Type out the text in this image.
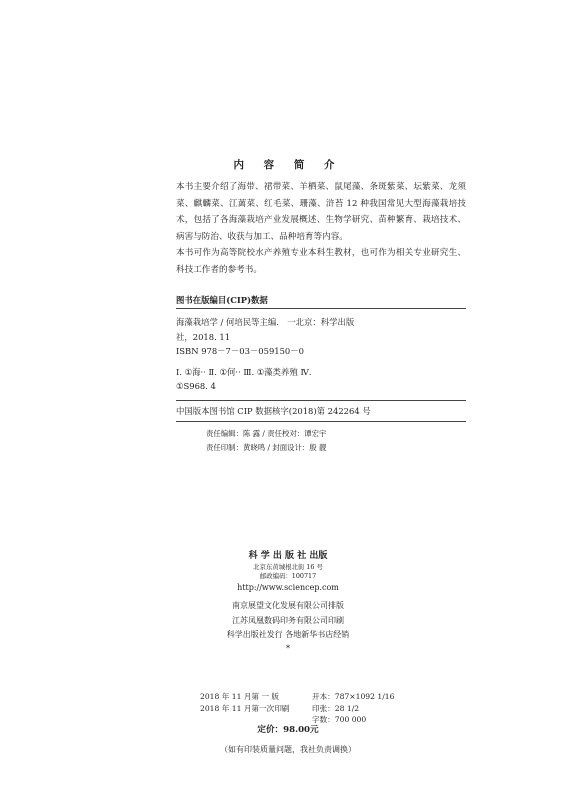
内 容 简 介

本书主要介绍了海带、裙带菜、羊栖菜、鼠尾藻、条斑紫菜、坛紫菜、龙须菜、麒麟菜、江蓠菜、红毛菜、珊藻、浒苔 12 种我国常见大型海藻栽培技术，包括了各海藻栽培产业发展概述、生物学研究、苗种繁育、栽培技术、病害与防治、收获与加工、品种培育等内容。

本书可作为高等院校水产养殖专业本科生教材，也可作为相关专业研究生、科技工作者的参考书。

图书在版编目(CIP)数据
海藻栽培学 / 何培民等主编． 一北京：科学出版
社，2018. 11
ISBN 978－7－03－059150－0
Ⅰ. ①海·· Ⅱ. ①何·· Ⅲ. ①藻类养殖 Ⅳ.
①S968. 4
中国版本图书馆 CIP 数据核字(2018)第 242264 号
责任编辑：陈 露 / 责任校对：谭宏宇
责任印制：黄晓鸣 / 封面设计：殷 靓
科 学 出 版 社 出版
北京东黄城根北街 16 号
邮政编码：100717
http://www.sciencep.com
南京展望文化发展有限公司排版
江苏凤凰数码印务有限公司印刷
科学出版社发行 各地新华书店经销
*
2018 年 11 月第 一 版	开本：787×1092 1/16
2018 年 11 月第一次印刷	印张：28 1/2
字数：700 000
定价：98.00元
（如有印装质量问题，我社负责调换）
